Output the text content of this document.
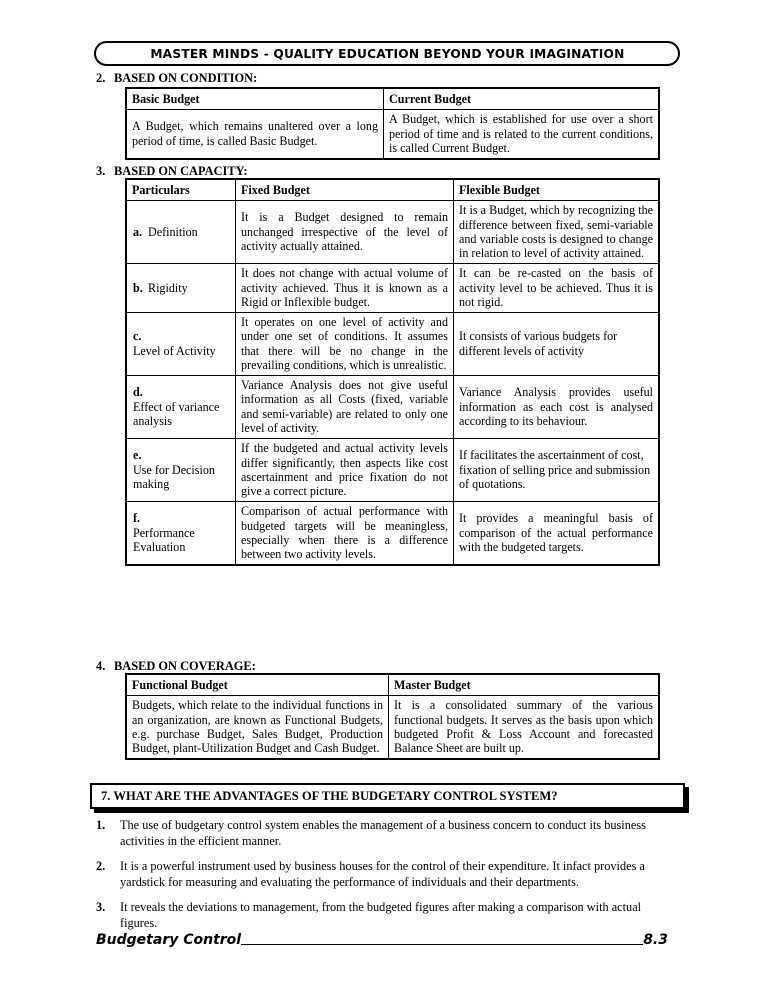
MASTER MINDS - QUALITY EDUCATION BEYOND YOUR IMAGINATION
2. BASED ON CONDITION:
Basic Budget	Current Budget
A Budget, which remains unaltered over a long period of time, is called Basic Budget.	A Budget, which is established for use over a short period of time and is related to the current conditions, is called Current Budget.
3. BASED ON CAPACITY:
Particulars	Fixed Budget	Flexible Budget
a. Definition	It is a Budget designed to remain unchanged irrespective of the level of activity actually attained.	It is a Budget, which by recognizing the difference between fixed, semi-variable and variable costs is designed to change in relation to level of activity attained.
b. Rigidity	It does not change with actual volume of activity achieved. Thus it is known as a Rigid or Inflexible budget.	It can be re-casted on the basis of activity level to be achieved. Thus it is not rigid.
c.Level of Activity	It operates on one level of activity and under one set of conditions. It assumes that there will be no change in the prevailing conditions, which is unrealistic.	It consists of various budgets for different levels of activity
d.Effect of variance analysis	Variance Analysis does not give useful information as all Costs (fixed, variable and semi-variable) are related to only one level of activity.	Variance Analysis provides useful information as each cost is analysed according to its behaviour.
e.Use for Decision making	If the budgeted and actual activity levels differ significantly, then aspects like cost ascertainment and price fixation do not give a correct picture.	If facilitates the ascertainment of cost, fixation of selling price and submission of quotations.
f.Performance Evaluation	Comparison of actual performance with budgeted targets will be meaningless, especially when there is a difference between two activity levels.	It provides a meaningful basis of comparison of the actual performance with the budgeted targets.
4. BASED ON COVERAGE:
Functional Budget	Master Budget
Budgets, which relate to the individual functions in an organization, are known as Functional Budgets, e.g. purchase Budget, Sales Budget, Production Budget, plant-Utilization Budget and Cash Budget.	It is a consolidated summary of the various functional budgets. It serves as the basis upon which budgeted Profit & Loss Account and forecasted Balance Sheet are built up.
7. WHAT ARE THE ADVANTAGES OF THE BUDGETARY CONTROL SYSTEM?
1.	The use of budgetary control system enables the management of a business concern to conduct its business activities in the efficient manner.
2.	It is a powerful instrument used by business houses for the control of their expenditure. It infact provides a yardstick for measuring and evaluating the performance of individuals and their departments.
3.	It reveals the deviations to management, from the budgeted figures after making a comparison with actual figures.
Budgetary Control	8.3
